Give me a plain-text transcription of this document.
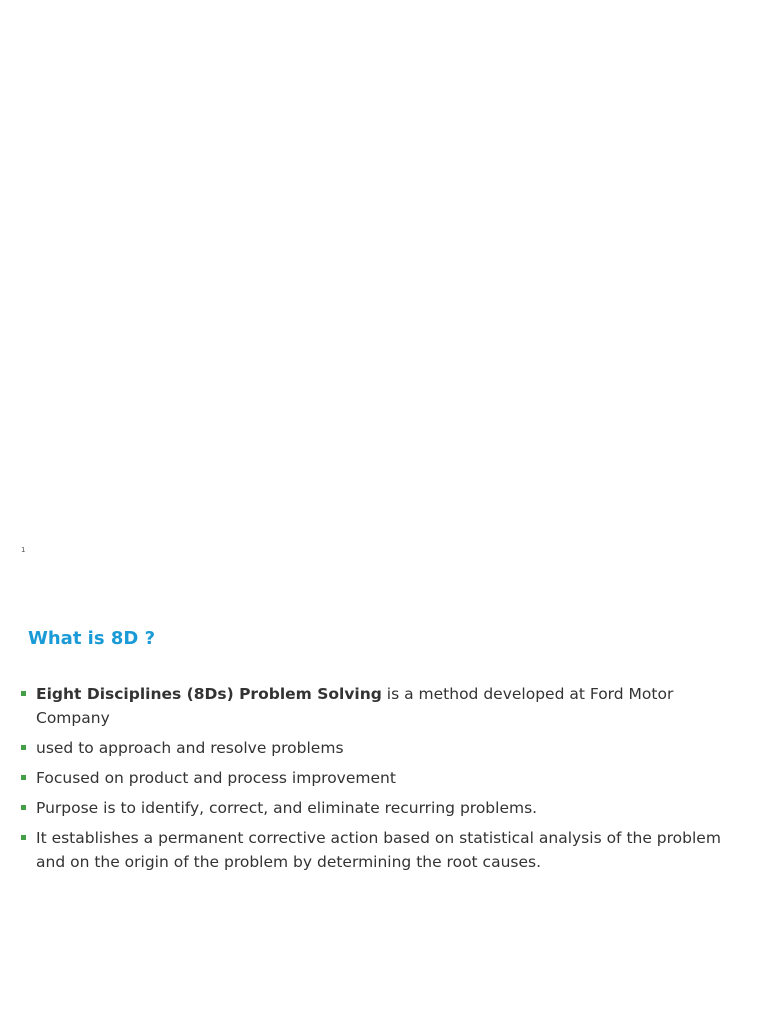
1
What is 8D ?
Eight Disciplines (8Ds) Problem Solving is a method developed at Ford Motor Company
used to approach and resolve problems
Focused on product and process improvement
Purpose is to identify, correct, and eliminate recurring problems.
It establishes a permanent corrective action based on statistical analysis of the problem and on the origin of the problem by determining the root causes.
